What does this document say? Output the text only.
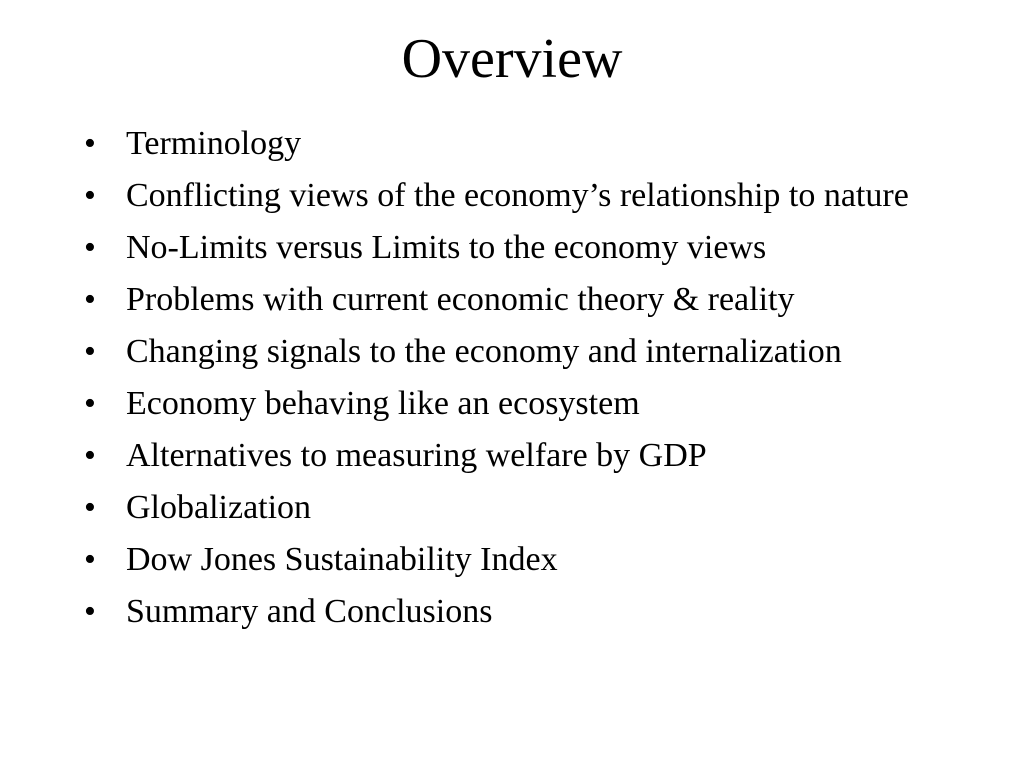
Overview
• Terminology
• Conflicting views of the economy’s relationship to nature
• No-Limits versus Limits to the economy views
• Problems with current economic theory & reality
• Changing signals to the economy and internalization
• Economy behaving like an ecosystem
• Alternatives to measuring welfare by GDP
• Globalization
• Dow Jones Sustainability Index
• Summary and Conclusions
